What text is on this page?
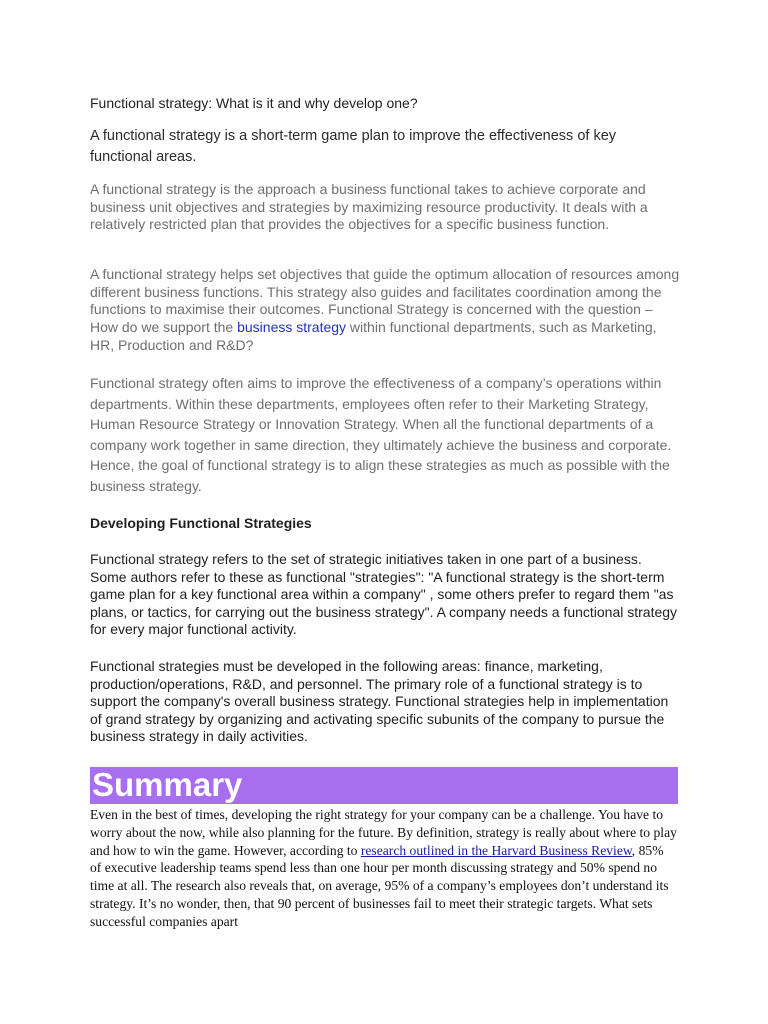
Functional strategy: What is it and why develop one?

A functional strategy is a short-term game plan to improve the effectiveness of key functional areas.

A functional strategy is the approach a business functional takes to achieve corporate and business unit objectives and strategies by maximizing resource productivity. It deals with a relatively restricted plan that provides the objectives for a specific business function.

A functional strategy helps set objectives that guide the optimum allocation of resources among different business functions. This strategy also guides and facilitates coordination among the functions to maximise their outcomes. Functional Strategy is concerned with the question – How do we support the business strategy within functional departments, such as Marketing, HR, Production and R&D?

Functional strategy often aims to improve the effectiveness of a company’s operations within departments. Within these departments, employees often refer to their Marketing Strategy, Human Resource Strategy or Innovation Strategy. When all the functional departments of a company work together in same direction, they ultimately achieve the business and corporate. Hence, the goal of functional strategy is to align these strategies as much as possible with the business strategy.

Developing Functional Strategies

Functional strategy refers to the set of strategic initiatives taken in one part of a business. Some authors refer to these as functional "strategies": "A functional strategy is the short-term game plan for a key functional area within a company" , some others prefer to regard them "as plans, or tactics, for carrying out the business strategy". A company needs a functional strategy for every major functional activity.

Functional strategies must be developed in the following areas: finance, marketing, production/operations, R&D, and personnel. The primary role of a functional strategy is to support the company's overall business strategy. Functional strategies help in implementation of grand strategy by organizing and activating specific subunits of the company to pursue the business strategy in daily activities.

Summary

Even in the best of times, developing the right strategy for your company can be a challenge. You have to worry about the now, while also planning for the future. By definition, strategy is really about where to play and how to win the game. However, according to research outlined in the Harvard Business Review, 85% of executive leadership teams spend less than one hour per month discussing strategy and 50% spend no time at all. The research also reveals that, on average, 95% of a company’s employees don’t understand its strategy. It’s no wonder, then, that 90 percent of businesses fail to meet their strategic targets. What sets successful companies apart
